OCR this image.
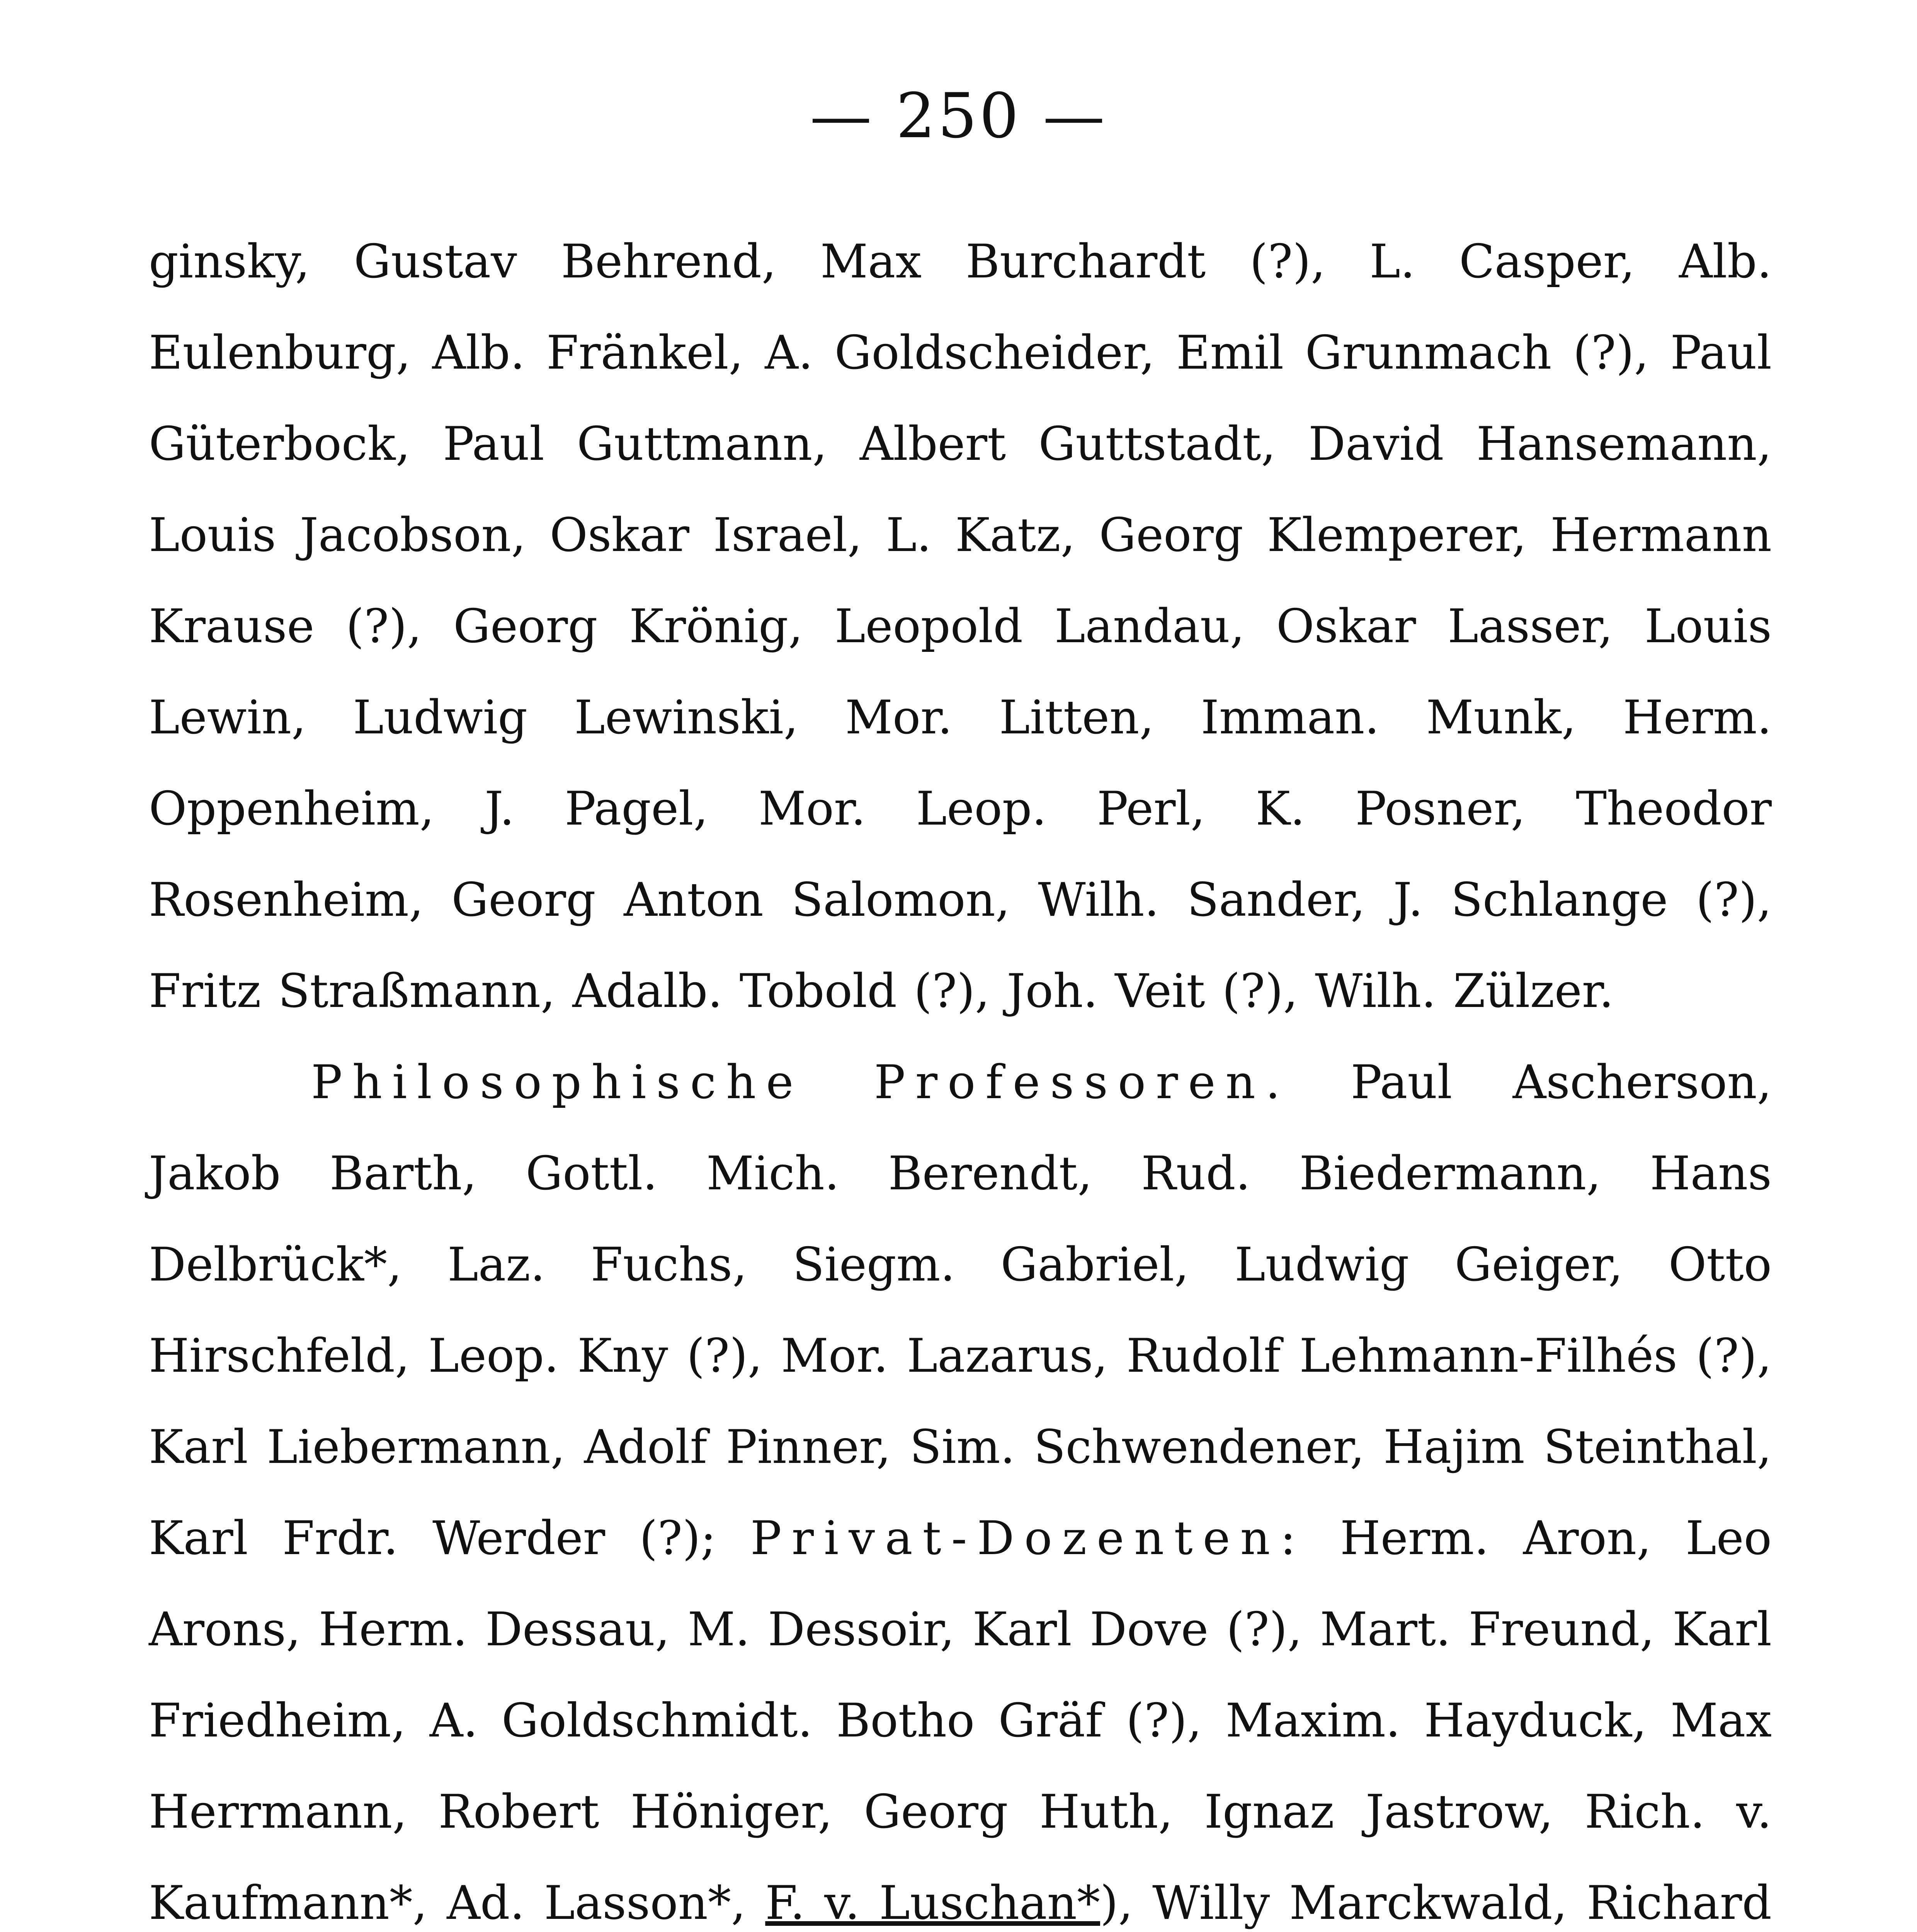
— 250 —

ginsky, Gustav Behrend, Max Burchardt (?), L. Casper, Alb. Eulenburg, Alb. Fränkel, A. Goldscheider, Emil Grunmach (?), Paul Güterbock, Paul Guttmann, Albert Guttstadt, David Hansemann, Louis Jacobson, Oskar Israel, L. Katz, Georg Klemperer, Hermann Krause (?), Georg Krönig, Leopold Landau, Oskar Lasser, Louis Lewin, Ludwig Lewinski, Mor. Litten, Imman. Munk, Herm. Oppenheim, J. Pagel, Mor. Leop. Perl, K. Posner, Theodor Rosenheim, Georg Anton Salomon, Wilh. Sander, J. Schlange (?), Fritz Straßmann, Adalb. Tobold (?), Joh. Veit (?), Wilh. Zülzer.

Philosophische Professoren. Paul Ascherson, Jakob Barth, Gottl. Mich. Berendt, Rud. Biedermann, Hans Delbrück*, Laz. Fuchs, Siegm. Gabriel, Ludwig Geiger, Otto Hirschfeld, Leop. Kny (?), Mor. Lazarus, Rudolf Lehmann-Filhés (?), Karl Liebermann, Adolf Pinner, Sim. Schwendener, Hajim Steinthal, Karl Frdr. Werder (?); Privat-Dozenten: Herm. Aron, Leo Arons, Herm. Dessau, M. Dessoir, Karl Dove (?), Mart. Freund, Karl Friedheim, A. Goldschmidt. Botho Gräf (?), Maxim. Hayduck, Max Herrmann, Robert Höniger, Georg Huth, Ignaz Jastrow, Rich. v. Kaufmann*, Ad. Lasson*, F. v. Luschan*), Willy Marckwald, Richard
